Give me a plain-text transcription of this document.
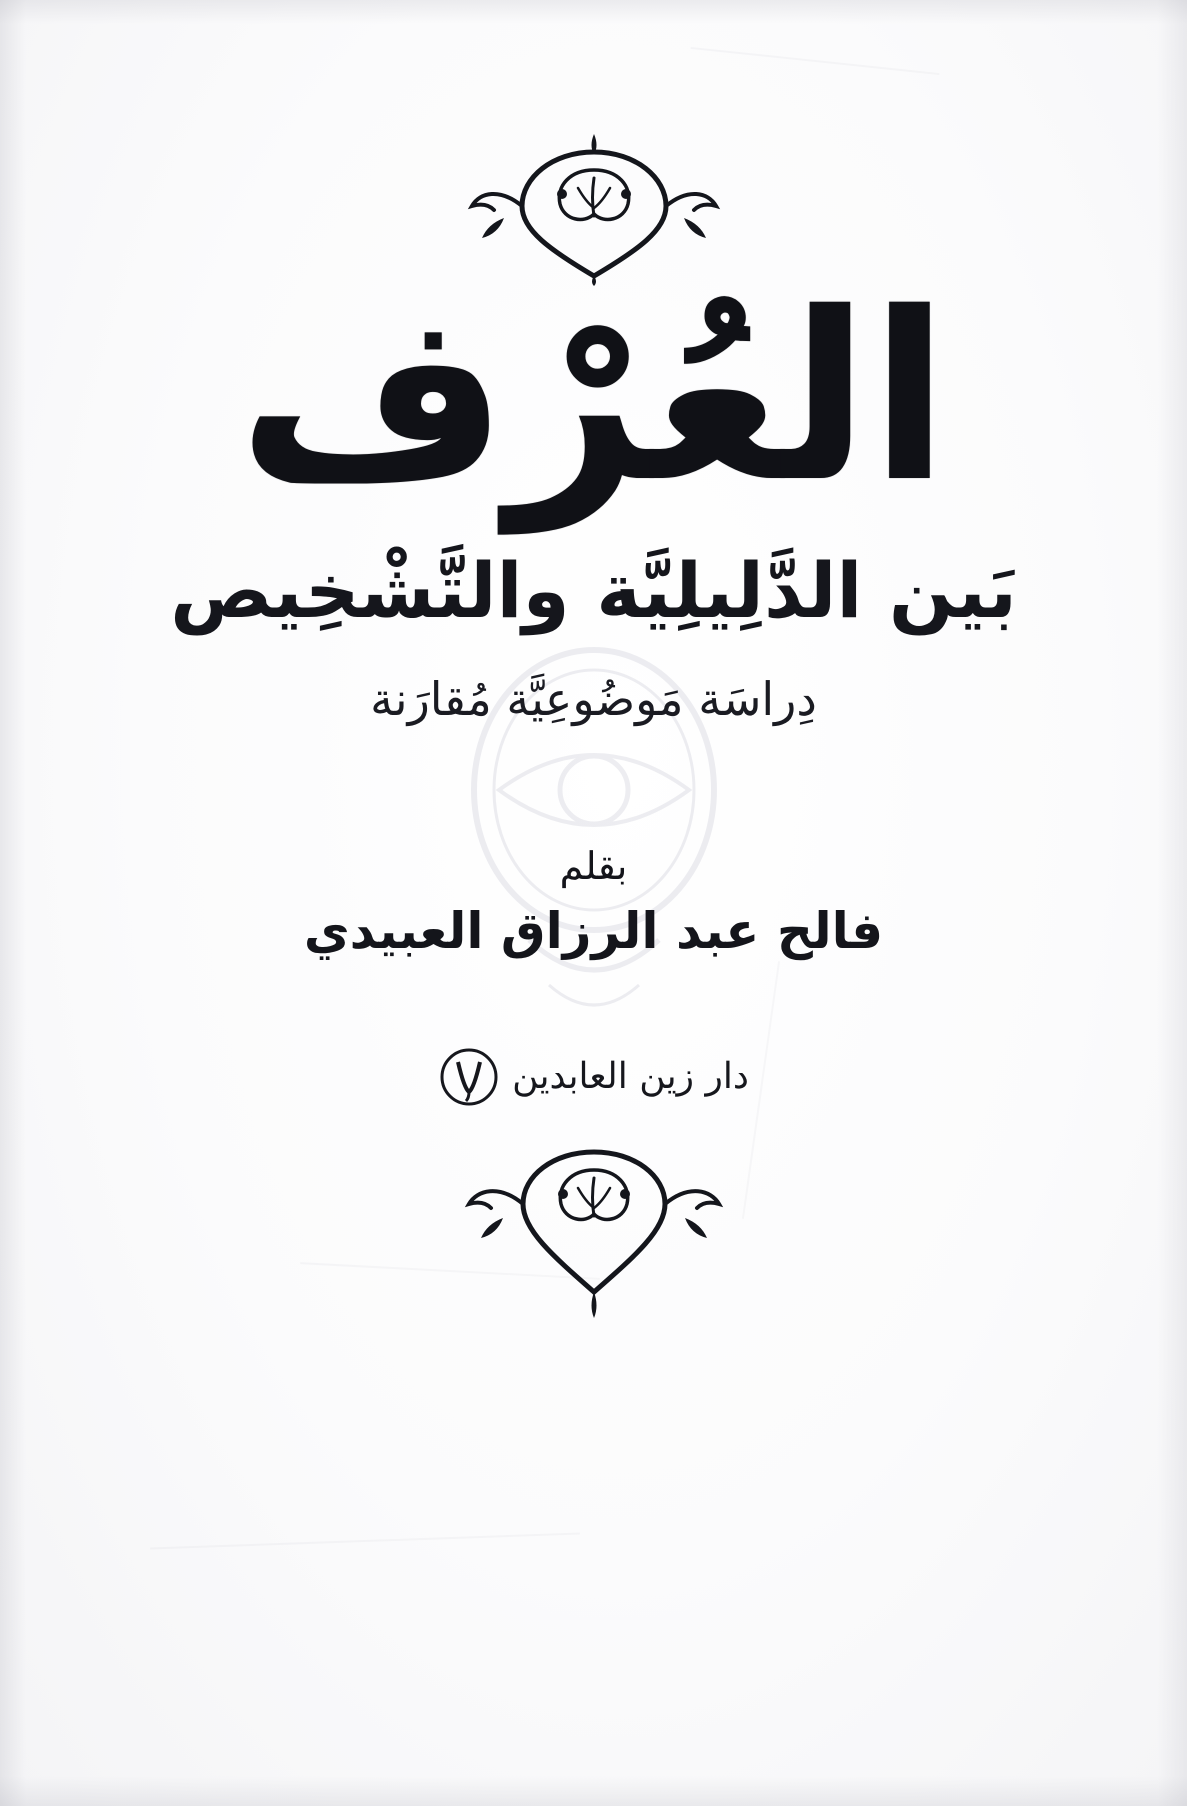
العُرْف
بَين الدَّلِيلِيَّة والتَّشْخِيص
دِراسَة مَوضُوعِيَّة مُقارَنة
بقلم
فالح عبد الرزاق العبيدي
دار زين العابدين
